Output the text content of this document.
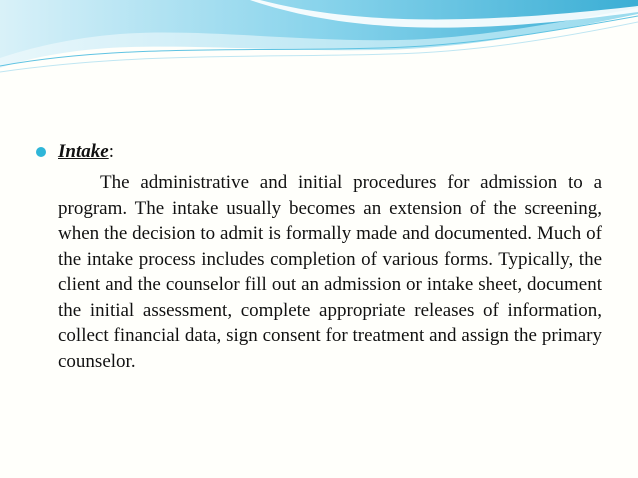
Intake:

The administrative and initial procedures for admission to a program. The intake usually becomes an extension of the screening, when the decision to admit is formally made and documented. Much of the intake process includes completion of various forms. Typically, the client and the counselor fill out an admission or intake sheet, document the initial assessment, complete appropriate releases of information, collect financial data, sign consent for treatment and assign the primary counselor.
